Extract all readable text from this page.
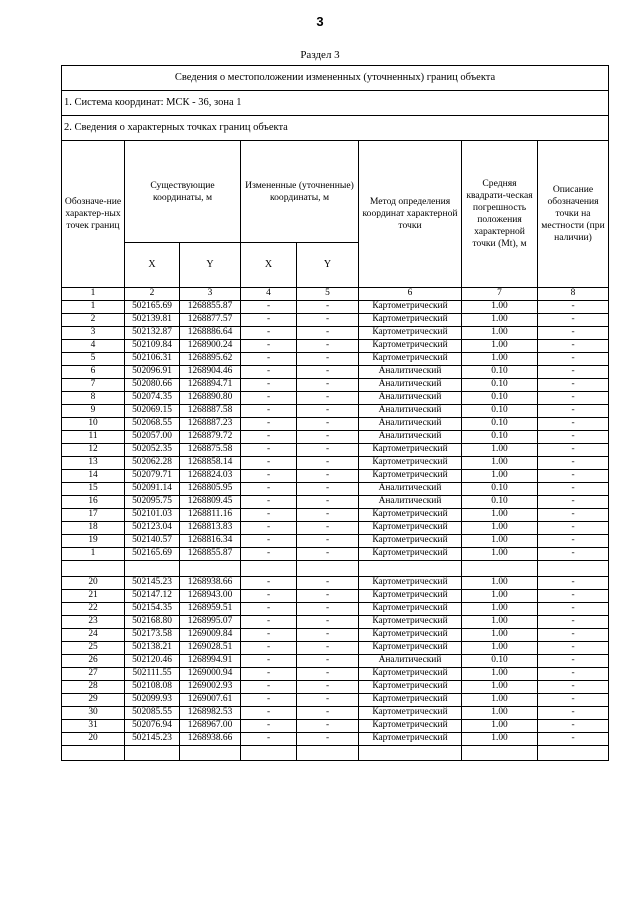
3
Раздел 3
Сведения о местоположении измененных (уточненных) границ объекта							
1. Система координат: МСК - 36, зона 1							
2. Сведения о характерных точках границ объекта							
Обозначе-ние характер-ных точек границ	Существующие координаты, м		Измененные (уточненные) координаты, м		Метод определения координат характерной точки	Средняя квадрати-ческая погрешность положения характерной точки (Mt), м	Описание обозначения точки на местности (при наличии)
	X	Y	X	Y			
1	2	3	4	5	6	7	8
1	502165.69	1268855.87	-	-	Картометрический	1.00	-
2	502139.81	1268877.57	-	-	Картометрический	1.00	-
3	502132.87	1268886.64	-	-	Картометрический	1.00	-
4	502109.84	1268900.24	-	-	Картометрический	1.00	-
5	502106.31	1268895.62	-	-	Картометрический	1.00	-
6	502096.91	1268904.46	-	-	Аналитический	0.10	-
7	502080.66	1268894.71	-	-	Аналитический	0.10	-
8	502074.35	1268890.80	-	-	Аналитический	0.10	-
9	502069.15	1268887.58	-	-	Аналитический	0.10	-
10	502068.55	1268887.23	-	-	Аналитический	0.10	-
11	502057.00	1268879.72	-	-	Аналитический	0.10	-
12	502052.35	1268875.58	-	-	Картометрический	1.00	-
13	502062.28	1268858.14	-	-	Картометрический	1.00	-
14	502079.71	1268824.03	-	-	Картометрический	1.00	-
15	502091.14	1268805.95	-	-	Аналитический	0.10	-
16	502095.75	1268809.45	-	-	Аналитический	0.10	-
17	502101.03	1268811.16	-	-	Картометрический	1.00	-
18	502123.04	1268813.83	-	-	Картометрический	1.00	-
19	502140.57	1268816.34	-	-	Картометрический	1.00	-
1	502165.69	1268855.87	-	-	Картометрический	1.00	-

20	502145.23	1268938.66	-	-	Картометрический	1.00	-
21	502147.12	1268943.00	-	-	Картометрический	1.00	-
22	502154.35	1268959.51	-	-	Картометрический	1.00	-
23	502168.80	1268995.07	-	-	Картометрический	1.00	-
24	502173.58	1269009.84	-	-	Картометрический	1.00	-
25	502138.21	1269028.51	-	-	Картометрический	1.00	-
26	502120.46	1268994.91	-	-	Аналитический	0.10	-
27	502111.55	1269000.94	-	-	Картометрический	1.00	-
28	502108.08	1269002.93	-	-	Картометрический	1.00	-
29	502099.93	1269007.61	-	-	Картометрический	1.00	-
30	502085.55	1268982.53	-	-	Картометрический	1.00	-
31	502076.94	1268967.00	-	-	Картометрический	1.00	-
20	502145.23	1268938.66	-	-	Картометрический	1.00	-
